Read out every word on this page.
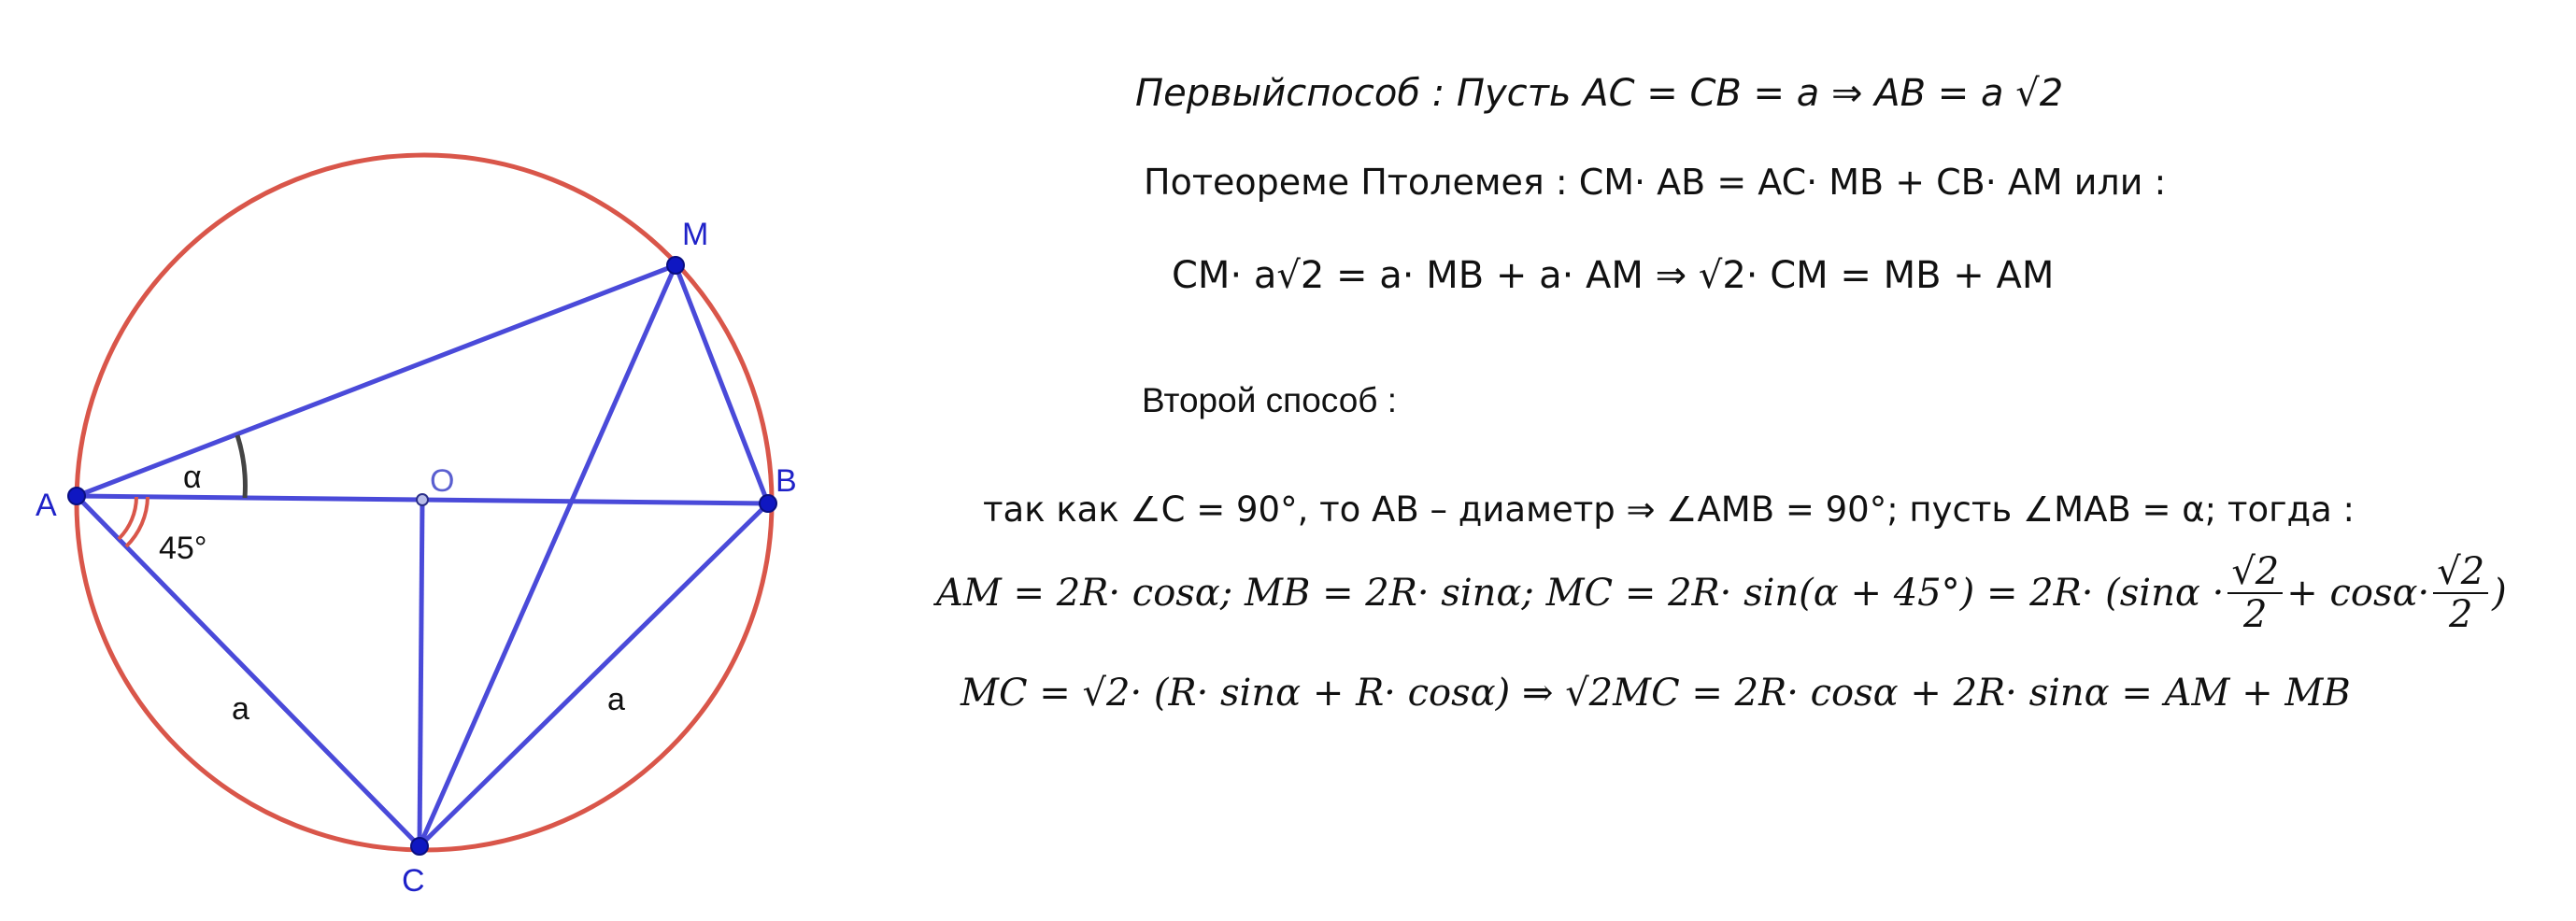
A
B
C
M
O
α
45°
a	a
Первыйспособ : Пусть AC = CB = a ⇒ AB = a √2
Потеореме Птолемея : CM· AB = AC· MB + CB· AM или :
CM· a√2 = a· MB + a· AM ⇒ √2· CM = MB + AM
Второй способ :
так как ∠C = 90°, то AB – диаметр ⇒ ∠AMB = 90°; пусть ∠MAB = α; тогда :
AM = 2R· cosα; MB = 2R· sinα; MC = $2R\cdot \sin(\alpha + 45^\circ) = 2R\cdot (\sin\alpha \cdot \frac{√2}{2} + \cos\alpha\cdot \frac{√2}{2}$ )
MC = √2· (R· sinα + R· cosα) ⇒ √2MC = 2R· cosα + 2R· sinα = AM + MB
